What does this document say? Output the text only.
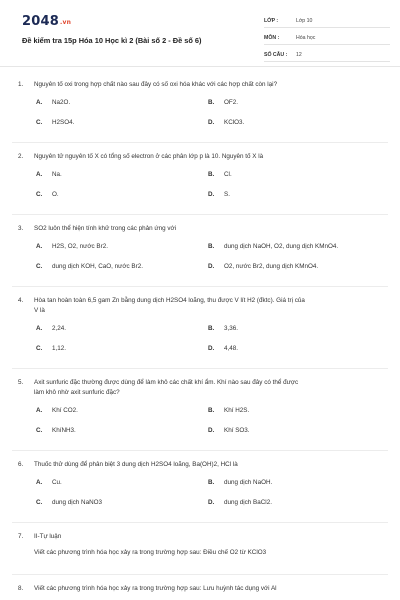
2048.vn
Đề kiểm tra 15p Hóa 10 Học kì 2 (Bài số 2 - Đề số 6)
LỚP :	Lớp 10
MÔN :	Hóa học
SỐ CÂU :	12
1. Nguyên tố oxi trong hợp chất nào sau đây có số oxi hóa khác với các hợp chất còn lại?
A.	Na2O.	B.	OF2.
C.	H2SO4.	D.	KClO3.
2. Nguyên tử nguyên tố X có tổng số electron ở các phân lớp p là 10. Nguyên tố X là
A.	Na.	B.	Cl.
C.	O.	D.	S.
3. SO2 luôn thể hiện tính khử trong các phản ứng với
A.	H2S, O2, nước Br2.	B.	dung dịch NaOH, O2, dung dịch KMnO4.
C.	dung dịch KOH, CaO, nước Br2.	D.	O2, nước Br2, dung dịch KMnO4.
4. Hòa tan hoàn toàn 6,5 gam Zn bằng dung dịch H2SO4 loãng, thu được V lít H2 (đktc). Giá trị của
V là
A.	2,24.	B.	3,36.
C.	1,12.	D.	4,48.
5. Axit sunfuric đặc thường được dùng để làm khô các chất khí ẩm. Khí nào sau đây có thể được
làm khô nhờ axit sunfuric đặc?
A.	Khí CO2.	B.	Khí H2S.
C.	KhíNH3.	D.	Khí SO3.
6. Thuốc thử dùng để phân biệt 3 dung dịch H2SO4 loãng, Ba(OH)2, HCl là
A.	Cu.	B.	dung dịch NaOH.
C.	dung dịch NaNO3	D.	dung dịch BaCl2.
7. II-Tự luận
Viết các phương trình hóa học xảy ra trong trường hợp sau: Điều chế O2 từ KClO3
8. Viết các phương trình hóa học xảy ra trong trường hợp sau: Lưu huỳnh tác dụng với Al
